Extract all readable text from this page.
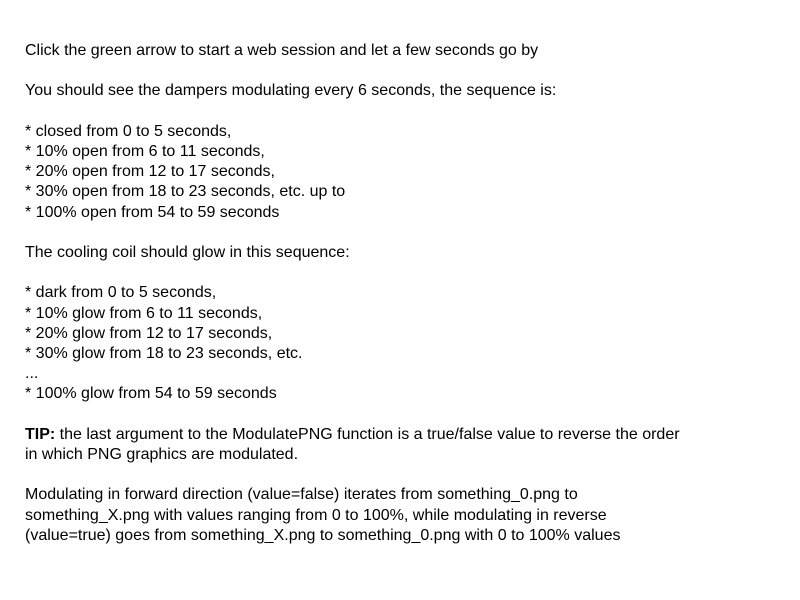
Click the green arrow to start a web session and let a few seconds go by

You should see the dampers modulating every 6 seconds, the sequence is:

* closed from 0 to 5 seconds,
* 10% open from 6 to 11 seconds,
* 20% open from 12 to 17 seconds,
* 30% open from 18 to 23 seconds, etc. up to
* 100% open from 54 to 59 seconds

The cooling coil should glow in this sequence:

* dark from 0 to 5 seconds,
* 10% glow from 6 to 11 seconds,
* 20% glow from 12 to 17 seconds,
* 30% glow from 18 to 23 seconds, etc.
...
* 100% glow from 54 to 59 seconds
TIP: the last argument to the ModulatePNG function is a true/false value to reverse the order
in which PNG graphics are modulated.
Modulating in forward direction (value=false) iterates from something_0.png to
something_X.png with values ranging from 0 to 100%, while modulating in reverse
(value=true) goes from something_X.png to something_0.png with 0 to 100% values
